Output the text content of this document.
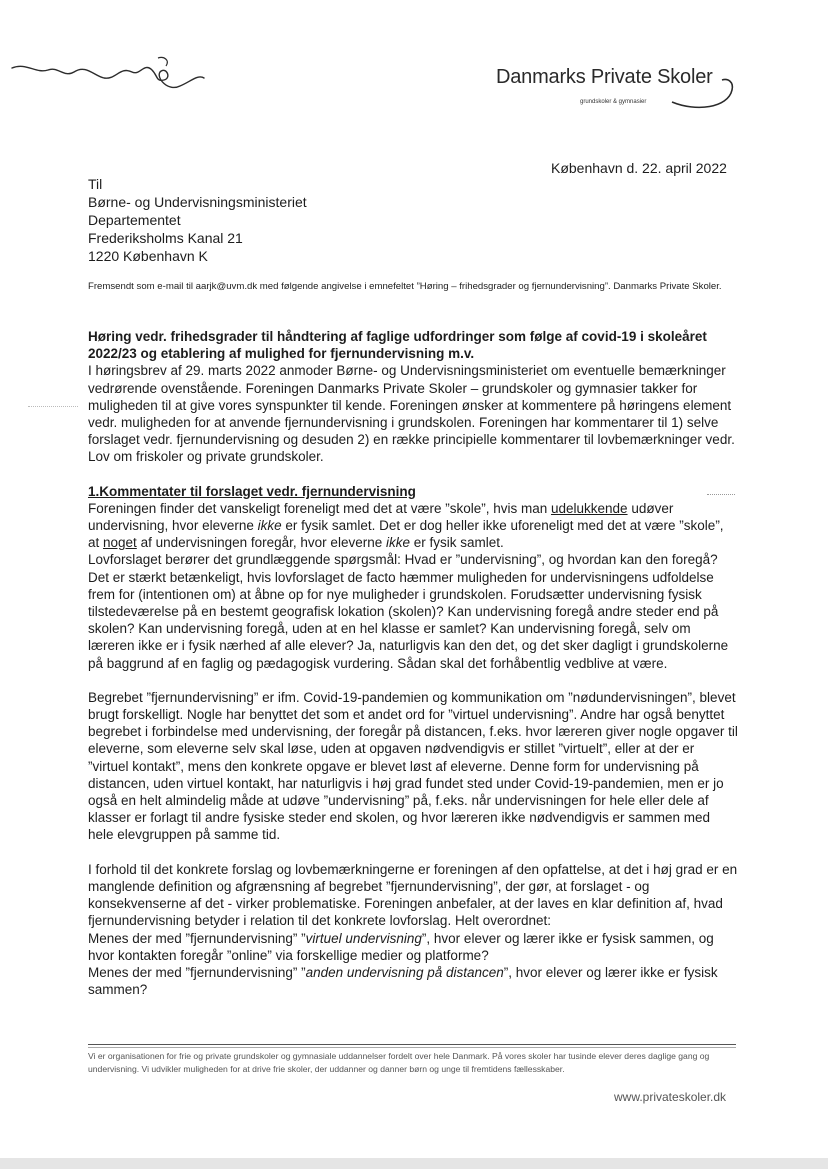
Danmarks Private Skoler
grundskoler & gymnasier
København d. 22. april 2022
Til
Børne- og Undervisningsministeriet
Departementet
Frederiksholms Kanal 21
1220 København K
Fremsendt som e-mail til aarjk@uvm.dk med følgende angivelse i emnefeltet ”Høring – frihedsgrader og fjernundervisning”. Danmarks Private Skoler.

Høring vedr. frihedsgrader til håndtering af faglige udfordringer som følge af covid-19 i skoleåret 2022/23 og etablering af mulighed for fjernundervisning m.v.

I høringsbrev af 29. marts 2022 anmoder Børne- og Undervisningsministeriet om eventuelle bemærkninger vedrørende ovenstående. Foreningen Danmarks Private Skoler – grundskoler og gymnasier takker for muligheden til at give vores synspunkter til kende. Foreningen ønsker at kommentere på høringens element vedr. muligheden for at anvende fjernundervisning i grundskolen. Foreningen har kommentarer til 1) selve forslaget vedr. fjernundervisning og desuden 2) en række principielle kommentarer til lovbemærkninger vedr. Lov om friskoler og private grundskoler.

1.Kommentater til forslaget vedr. fjernundervisning

Foreningen finder det vanskeligt foreneligt med det at være ”skole”, hvis man udelukkende udøver undervisning, hvor eleverne ikke er fysik samlet. Det er dog heller ikke uforeneligt med det at være ”skole”, at noget af undervisningen foregår, hvor eleverne ikke er fysik samlet.

Lovforslaget berører det grundlæggende spørgsmål: Hvad er ”undervisning”, og hvordan kan den foregå? Det er stærkt betænkeligt, hvis lovforslaget de facto hæmmer muligheden for undervisningens udfoldelse frem for (intentionen om) at åbne op for nye muligheder i grundskolen. Forudsætter undervisning fysisk tilstedeværelse på en bestemt geografisk lokation (skolen)? Kan undervisning foregå andre steder end på skolen? Kan undervisning foregå, uden at en hel klasse er samlet? Kan undervisning foregå, selv om læreren ikke er i fysik nærhed af alle elever? Ja, naturligvis kan den det, og det sker dagligt i grundskolerne på baggrund af en faglig og pædagogisk vurdering. Sådan skal det forhåbentlig vedblive at være.

Begrebet ”fjernundervisning” er ifm. Covid-19-pandemien og kommunikation om ”nødundervisningen”, blevet brugt forskelligt. Nogle har benyttet det som et andet ord for ”virtuel undervisning”. Andre har også benyttet begrebet i forbindelse med undervisning, der foregår på distancen, f.eks. hvor læreren giver nogle opgaver til eleverne, som eleverne selv skal løse, uden at opgaven nødvendigvis er stillet ”virtuelt”, eller at der er ”virtuel kontakt”, mens den konkrete opgave er blevet løst af eleverne. Denne form for undervisning på distancen, uden virtuel kontakt, har naturligvis i høj grad fundet sted under Covid-19-pandemien, men er jo også en helt almindelig måde at udøve ”undervisning” på, f.eks. når undervisningen for hele eller dele af klasser er forlagt til andre fysiske steder end skolen, og hvor læreren ikke nødvendigvis er sammen med hele elevgruppen på samme tid.

I forhold til det konkrete forslag og lovbemærkningerne er foreningen af den opfattelse, at det i høj grad er en manglende definition og afgrænsning af begrebet ”fjernundervisning”, der gør, at forslaget - og konsekvenserne af det - virker problematiske. Foreningen anbefaler, at der laves en klar definition af, hvad fjernundervisning betyder i relation til det konkrete lovforslag. Helt overordnet:

Menes der med ”fjernundervisning” ”virtuel undervisning”, hvor elever og lærer ikke er fysisk sammen, og hvor kontakten foregår ”online” via forskellige medier og platforme?

Menes der med ”fjernundervisning” ”anden undervisning på distancen”, hvor elever og lærer ikke er fysisk sammen?

Vi er organisationen for frie og private grundskoler og gymnasiale uddannelser fordelt over hele Danmark. På vores skoler har tusinde elever deres daglige gang og undervisning. Vi udvikler muligheden for at drive frie skoler, der uddanner og danner børn og unge til fremtidens fællesskaber.
www.privateskoler.dk
